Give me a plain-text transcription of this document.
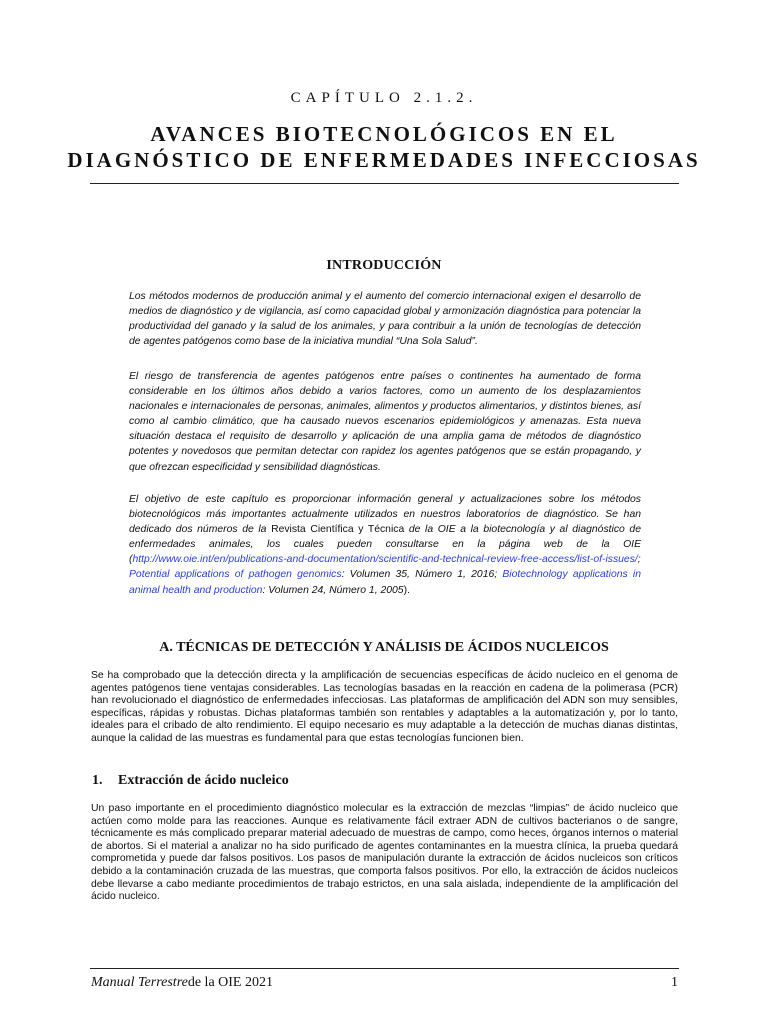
CAPÍTULO 2.1.2.
AVANCES BIOTECNOLÓGICOS EN EL
DIAGNÓSTICO DE ENFERMEDADES INFECCIOSAS
INTRODUCCIÓN

Los métodos modernos de producción animal y el aumento del comercio internacional exigen el desarrollo de medios de diagnóstico y de vigilancia, así como capacidad global y armonización diagnóstica para potenciar la productividad del ganado y la salud de los animales, y para contribuir a la unión de tecnologías de detección de agentes patógenos como base de la iniciativa mundial “Una Sola Salud”.

El riesgo de transferencia de agentes patógenos entre países o continentes ha aumentado de forma considerable en los últimos años debido a varios factores, como un aumento de los desplazamientos nacionales e internacionales de personas, animales, alimentos y productos alimentarios, y distintos bienes, así como al cambio climático, que ha causado nuevos escenarios epidemiológicos y amenazas. Esta nueva situación destaca el requisito de desarrollo y aplicación de una amplia gama de métodos de diagnóstico potentes y novedosos que permitan detectar con rapidez los agentes patógenos que se están propagando, y que ofrezcan especificidad y sensibilidad diagnósticas.

El objetivo de este capítulo es proporcionar información general y actualizaciones sobre los métodos biotecnológicos más importantes actualmente utilizados en nuestros laboratorios de diagnóstico. Se han dedicado dos números de la Revista Científica y Técnica de la OIE a la biotecnología y al diagnóstico de enfermedades animales, los cuales pueden consultarse en la página web de la OIE (http://www.oie.int/en/publications-and-documentation/scientific-and-technical-review-free-access/list-of-issues/; Potential applications of pathogen genomics: Volumen 35, Número 1, 2016; Biotechnology applications in animal health and production: Volumen 24, Número 1, 2005).

A. TÉCNICAS DE DETECCIÓN Y ANÁLISIS DE ÁCIDOS NUCLEICOS

Se ha comprobado que la detección directa y la amplificación de secuencias específicas de ácido nucleico en el genoma de agentes patógenos tiene ventajas considerables. Las tecnologías basadas en la reacción en cadena de la polimerasa (PCR) han revolucionado el diagnóstico de enfermedades infecciosas. Las plataformas de amplificación del ADN son muy sensibles, específicas, rápidas y robustas. Dichas plataformas también son rentables y adaptables a la automatización y, por lo tanto, ideales para el cribado de alto rendimiento. El equipo necesario es muy adaptable a la detección de muchas dianas distintas, aunque la calidad de las muestras es fundamental para que estas tecnologías funcionen bien.

1. Extracción de ácido nucleico

Un paso importante en el procedimiento diagnóstico molecular es la extracción de mezclas “limpias” de ácido nucleico que actúen como molde para las reacciones. Aunque es relativamente fácil extraer ADN de cultivos bacterianos o de sangre, técnicamente es más complicado preparar material adecuado de muestras de campo, como heces, órganos internos o material de abortos. Si el material a analizar no ha sido purificado de agentes contaminantes en la muestra clínica, la prueba quedará comprometida y puede dar falsos positivos. Los pasos de manipulación durante la extracción de ácidos nucleicos son críticos debido a la contaminación cruzada de las muestras, que comporta falsos positivos. Por ello, la extracción de ácidos nucleicos debe llevarse a cabo mediante procedimientos de trabajo estrictos, en una sala aislada, independiente de la amplificación del ácido nucleico.

Manual Terrestrede la OIE 2021	1
